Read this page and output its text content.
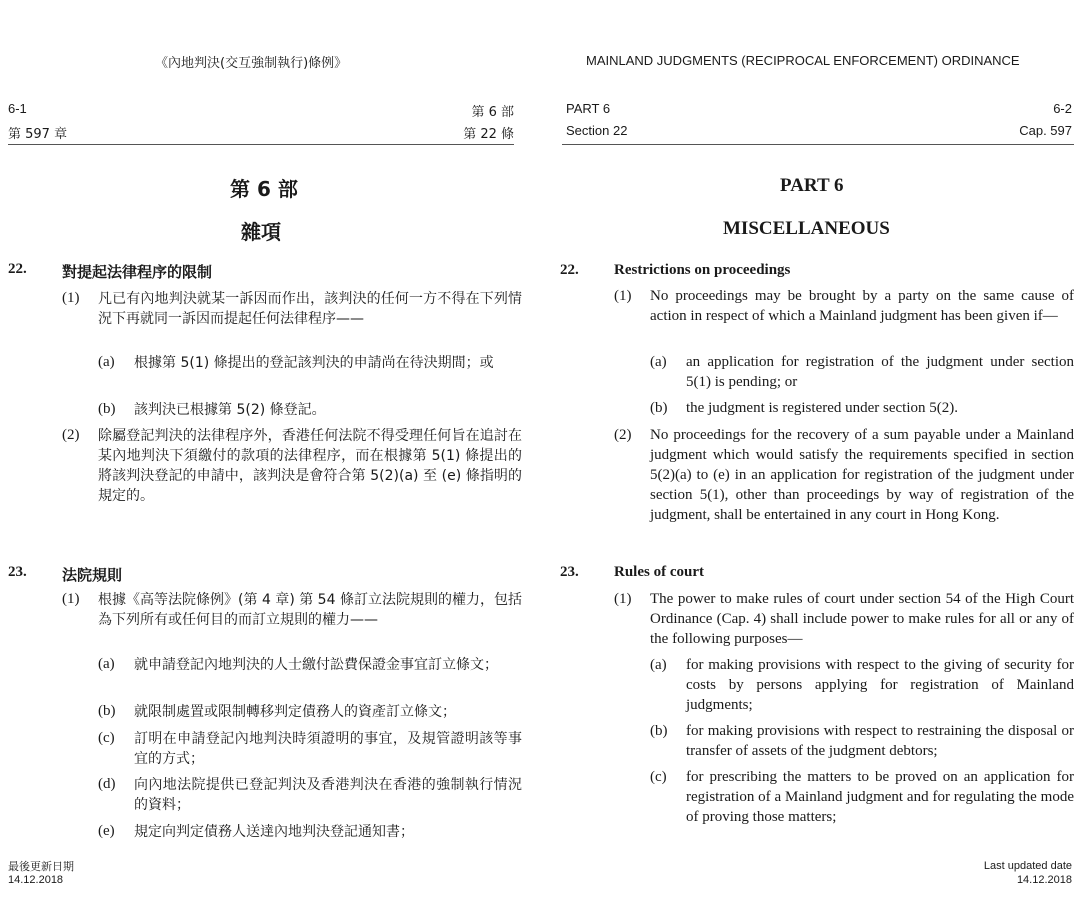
《內地判決(交互強制執行)條例》
6-1	第 6 部
第 597 章	第 22 條
第 6 部
雜項
22. 對提起法律程序的限制
(1) 凡已有內地判決就某一訴因而作出，該判決的任何一方不得在下列情況下再就同一訴因而提起任何法律程序——
(a) 根據第 5(1) 條提出的登記該判決的申請尚在待決期間；或
(b) 該判決已根據第 5(2) 條登記。
(2) 除屬登記判決的法律程序外，香港任何法院不得受理任何旨在追討在某內地判決下須繳付的款項的法律程序，而在根據第 5(1) 條提出的將該判決登記的申請中，該判決是會符合第 5(2)(a) 至 (e) 條指明的規定的。
23. 法院規則
(1) 根據《高等法院條例》(第 4 章) 第 54 條訂立法院規則的權力，包括為下列所有或任何目的而訂立規則的權力——
(a) 就申請登記內地判決的人士繳付訟費保證金事宜訂立條文；
(b) 就限制處置或限制轉移判定債務人的資產訂立條文；
(c) 訂明在申請登記內地判決時須證明的事宜，及規管證明該等事宜的方式；
(d) 向內地法院提供已登記判決及香港判決在香港的強制執行情況的資料；
(e) 規定向判定債務人送達內地判決登記通知書；
最後更新日期
14.12.2018
MAINLAND JUDGMENTS (RECIPROCAL ENFORCEMENT) ORDINANCE
PART 6	6-2
Section 22	Cap. 597
PART 6
MISCELLANEOUS
22. Restrictions on proceedings
(1) No proceedings may be brought by a party on the same cause of action in respect of which a Mainland judgment has been given if—
(a) an application for registration of the judgment under section 5(1) is pending; or
(b) the judgment is registered under section 5(2).
(2) No proceedings for the recovery of a sum payable under a Mainland judgment which would satisfy the requirements specified in section 5(2)(a) to (e) in an application for registration of the judgment under section 5(1), other than proceedings by way of registration of the judgment, shall be entertained in any court in Hong Kong.
23. Rules of court
(1) The power to make rules of court under section 54 of the High Court Ordinance (Cap. 4) shall include power to make rules for all or any of the following purposes—
(a) for making provisions with respect to the giving of security for costs by persons applying for registration of Mainland judgments;
(b) for making provisions with respect to restraining the disposal or transfer of assets of the judgment debtors;
(c) for prescribing the matters to be proved on an application for registration of a Mainland judgment and for regulating the mode of proving those matters;
Last updated date
14.12.2018
